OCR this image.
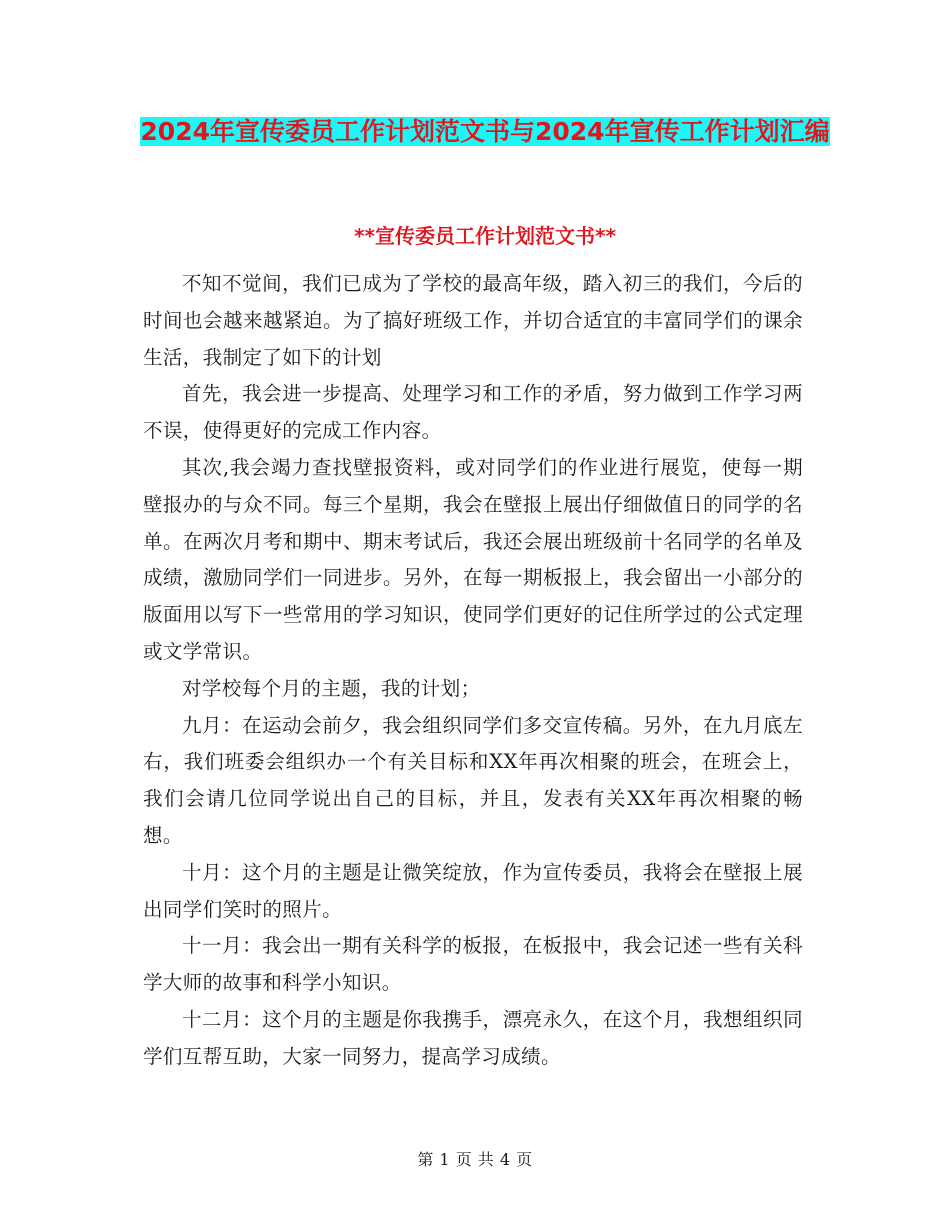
2024年宣传委员工作计划范文书与2024年宣传工作计划汇编
**宣传委员工作计划范文书**

不知不觉间，我们已成为了学校的最高年级，踏入初三的我们，今后的时间也会越来越紧迫。为了搞好班级工作，并切合适宜的丰富同学们的课余生活，我制定了如下的计划

首先，我会进一步提高、处理学习和工作的矛盾，努力做到工作学习两不误，使得更好的完成工作内容。

其次,我会竭力查找壁报资料，或对同学们的作业进行展览，使每一期壁报办的与众不同。每三个星期，我会在壁报上展出仔细做值日的同学的名单。在两次月考和期中、期末考试后，我还会展出班级前十名同学的名单及成绩，激励同学们一同进步。另外，在每一期板报上，我会留出一小部分的版面用以写下一些常用的学习知识，使同学们更好的记住所学过的公式定理或文学常识。

对学校每个月的主题，我的计划；

九月：在运动会前夕，我会组织同学们多交宣传稿。另外，在九月底左右，我们班委会组织办一个有关目标和XX年再次相聚的班会，在班会上，我们会请几位同学说出自己的目标，并且，发表有关XX年再次相聚的畅想。

十月：这个月的主题是让微笑绽放，作为宣传委员，我将会在壁报上展出同学们笑时的照片。

十一月：我会出一期有关科学的板报，在板报中，我会记述一些有关科学大师的故事和科学小知识。

十二月：这个月的主题是你我携手，漂亮永久，在这个月，我想组织同学们互帮互助，大家一同努力，提高学习成绩。

第 1 页 共 4 页
